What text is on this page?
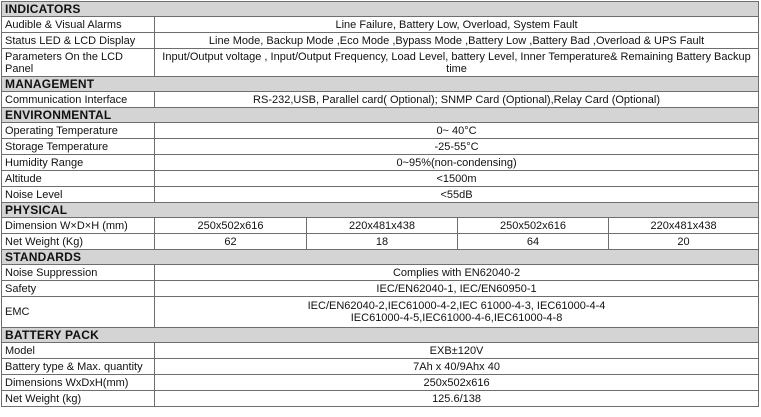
INDICATORS				
Audible & Visual Alarms	Line Failure, Battery Low, Overload, System Fault			
Status LED & LCD Display	Line Mode, Backup Mode ,Eco Mode ,Bypass Mode ,Battery Low ,Battery Bad ,Overload & UPS Fault			
Parameters On the LCD Panel	Input/Output voltage , Input/Output Frequency, Load Level, battery Level, Inner Temperature& Remaining Battery Backup time			
MANAGEMENT				
Communication Interface	RS-232,USB, Parallel card( Optional); SNMP Card (Optional),Relay Card (Optional)			
ENVIRONMENTAL				
Operating Temperature	0~ 40°C			
Storage Temperature	-25-55°C			
Humidity Range	0~95%(non-condensing)			
Altitude	<1500m			
Noise Level	<55dB			
PHYSICAL				
Dimension W×D×H (mm)	250x502x616	220x481x438	250x502x616	220x481x438
Net Weight (Kg)	62	18	64	20
STANDARDS				
Noise Suppression	Complies with EN62040-2			
Safety	IEC/EN62040-1, IEC/EN60950-1			
EMC	IEC/EN62040-2,IEC61000-4-2,IEC 61000-4-3, IEC61000-4-4
IEC61000-4-5,IEC61000-4-6,IEC61000-4-8			

BATTERY PACK				
Model	EXB±120V			
Battery type & Max. quantity	7Ah x 40/9Ahx 40			
Dimensions WxDxH(mm)	250x502x616			
Net Weight (kg)	125.6/138			
